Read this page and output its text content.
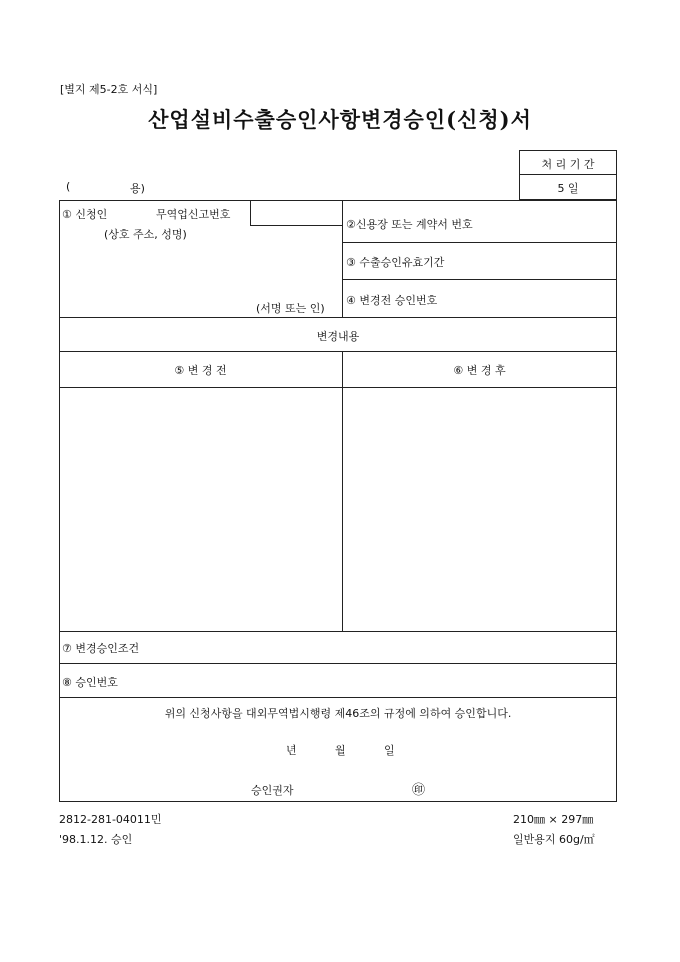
[별지 제5-2호 서식]
산업설비수출승인사항변경승인(신청)서
처 리 기 간
5 일
(	용)
① 신청인	무역업신고번호
(상호 주소, 성명)
(서명 또는 인)
②신용장 또는 계약서 번호
③ 수출승인유효기간
④ 변경전 승인번호
변경내용
⑤ 변 경 전	⑥ 변 경 후
⑦ 변경승인조건
⑧ 승인번호
위의 신청사항을 대외무역법시행령 제46조의 규정에 의하여 승인합니다.
년	월	일
승인권자	㊞
2812-281-04011민
'98.1.12. 승인
210㎜ × 297㎜
일반용지 60g/㎡
